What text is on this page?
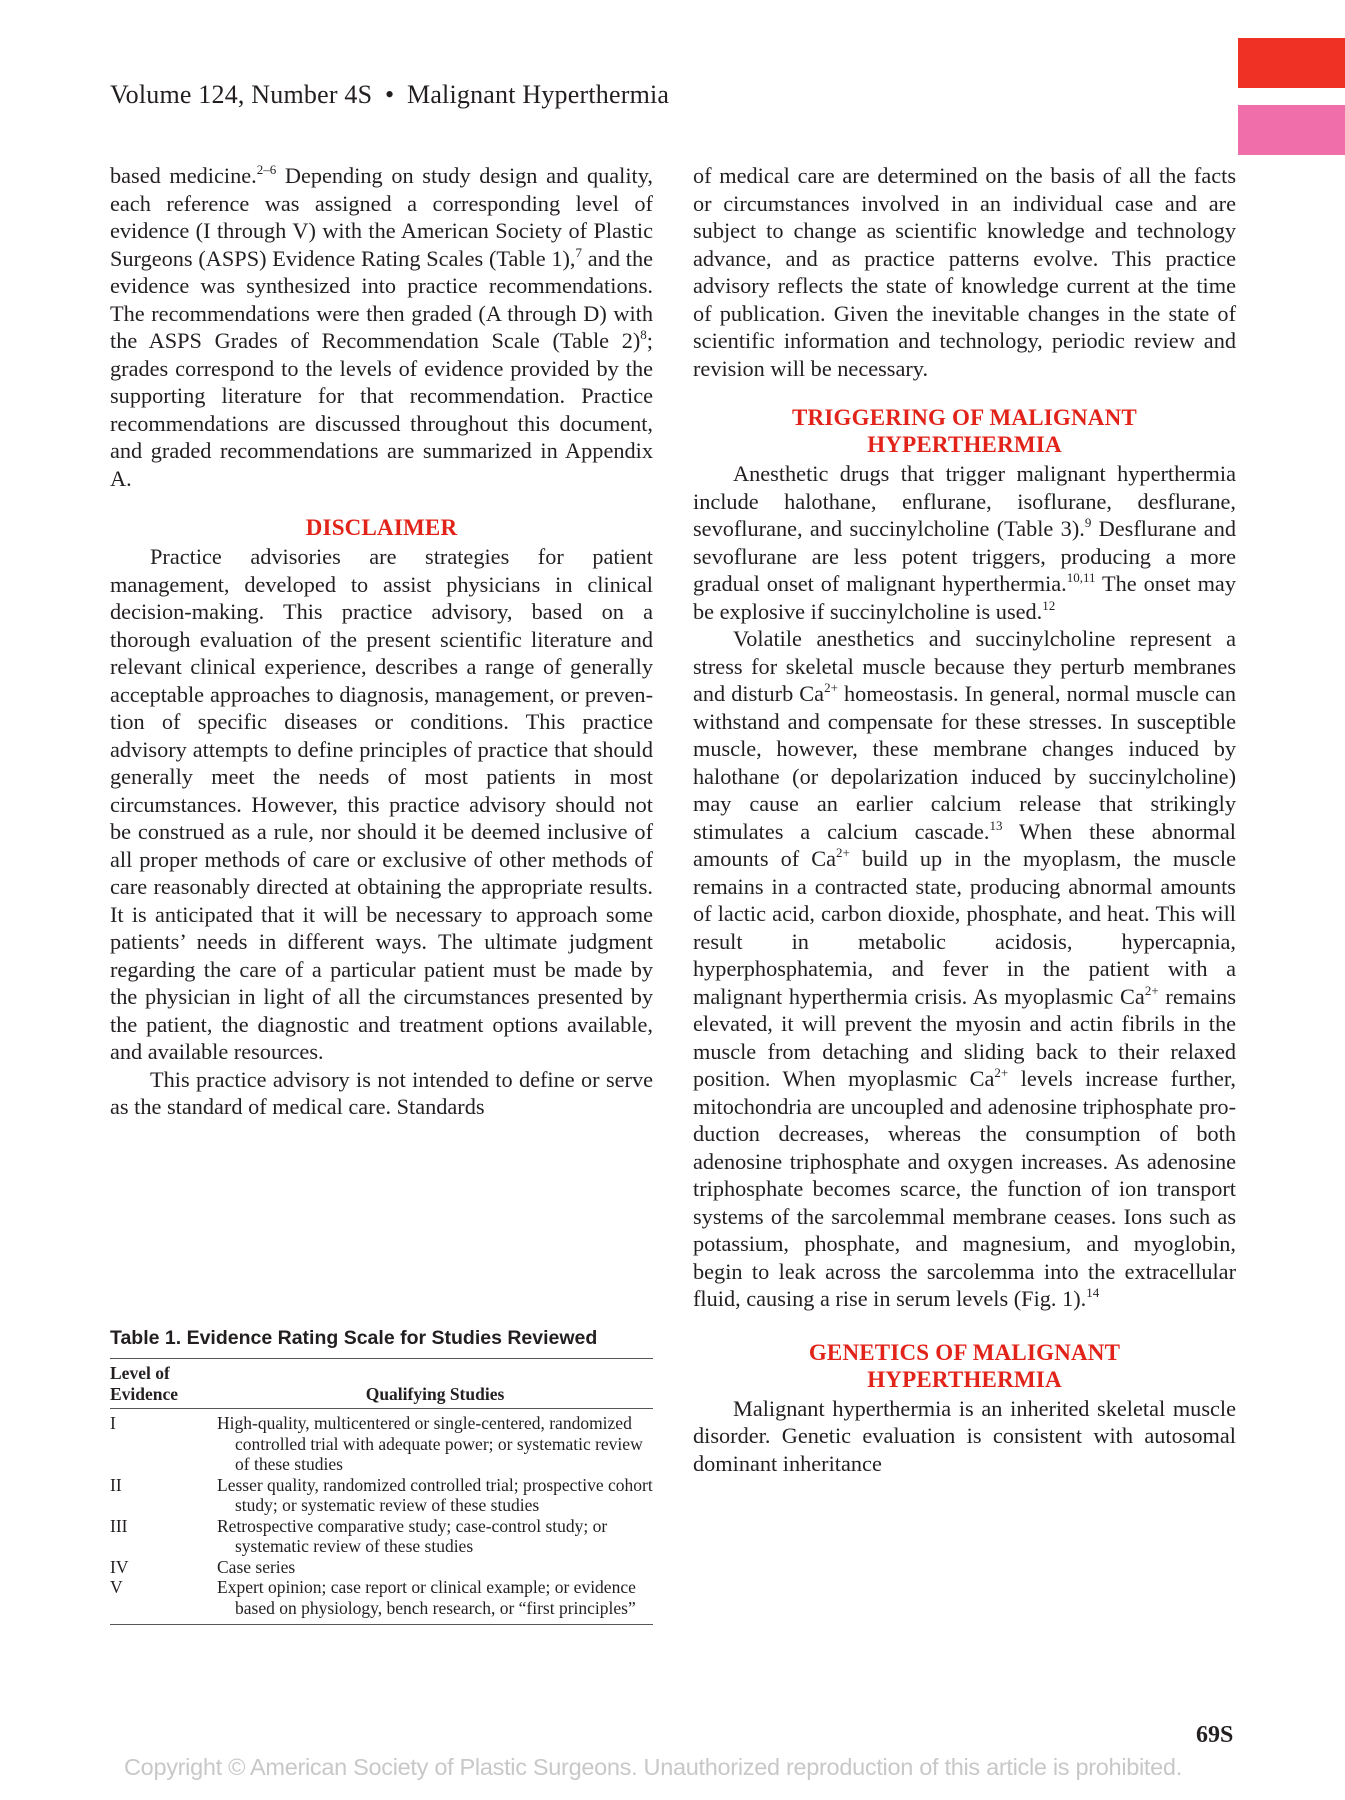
Volume 124, Number 4S • Malignant Hyperthermia

based medicine.$^{2-6}$ Depending on study design and quality, each reference was assigned a corresponding level of evidence (I through V) with the American Society of Plastic Surgeons (ASPS) Evidence Rating Scales (Table 1),$^7$ and the evidence was synthesized into practice recommendations. The recommendations were then graded (A through D) with the ASPS Grades of Recommendation Scale (Table 2)$^8$; grades correspond to the levels of evidence provided by the supporting literature for that recommendation. Practice recommendations are discussed throughout this document, and graded recommendations are summarized in Appendix A.

DISCLAIMER

Practice advisories are strategies for patient management, developed to assist physicians in clinical decision-making. This practice advisory, based on a thorough evaluation of the present scientific literature and relevant clinical experience, describes a range of generally acceptable approaches to diagnosis, management, or prevention of specific diseases or conditions. This practice advisory attempts to define principles of practice that should generally meet the needs of most patients in most circumstances. However, this practice advisory should not be construed as a rule, nor should it be deemed inclusive of all proper methods of care or exclusive of other methods of care reasonably directed at obtaining the appropriate results. It is anticipated that it will be necessary to approach some patients’ needs in different ways. The ultimate judgment regarding the care of a particular patient must be made by the physician in light of all the circumstances presented by the patient, the diagnostic and treatment options available, and available resources.

This practice advisory is not intended to define or serve as the standard of medical care. Standards

Table 1. Evidence Rating Scale for Studies Reviewed
Level of
Evidence	Qualifying Studies
I	High-quality, multicentered or single-centered, randomized controlled trial with adequate power; or systematic review of these studies
II	Lesser quality, randomized controlled trial; prospective cohort study; or systematic review of these studies
III	Retrospective comparative study; case-control study; or systematic review of these studies
IV	Case series
V	Expert opinion; case report or clinical example; or evidence based on physiology, bench research, or “first principles”

of medical care are determined on the basis of all the facts or circumstances involved in an individual case and are subject to change as scientific knowledge and technology advance, and as practice patterns evolve. This practice advisory reflects the state of knowledge current at the time of publication. Given the inevitable changes in the state of scientific information and technology, periodic review and revision will be necessary.

TRIGGERING OF MALIGNANT
HYPERTHERMIA

Anesthetic drugs that trigger malignant hyperthermia include halothane, enflurane, isoflurane, desflurane, sevoflurane, and succinylcholine (Table 3).$^9$ Desflurane and sevoflurane are less potent triggers, producing a more gradual onset of malignant hyperthermia.$^{10,11}$ The onset may be explosive if succinylcholine is used.$^{12}$

Volatile anesthetics and succinylcholine represent a stress for skeletal muscle because they perturb membranes and disturb $Ca^{2+}$ homeostasis. In general, normal muscle can withstand and compensate for these stresses. In susceptible muscle, however, these membrane changes induced by halothane (or depolarization induced by succinylcholine) may cause an earlier calcium release that strikingly stimulates a calcium cascade.$^{13}$ When these abnormal amounts of $Ca^{2+}$ build up in the myoplasm, the muscle remains in a contracted state, producing abnormal amounts of lactic acid, carbon dioxide, phosphate, and heat. This will result in metabolic acidosis, hypercapnia, hyperphosphatemia, and fever in the patient with a malignant hyperthermia crisis. As myoplasmic $Ca^{2+}$ remains elevated, it will prevent the myosin and actin fibrils in the muscle from detaching and sliding back to their relaxed position. When myoplasmic $Ca^{2+}$ levels increase further, mitochondria are uncoupled and adenosine triphosphate production decreases, whereas the consumption of both adenosine triphosphate and oxygen increases. As adenosine triphosphate becomes scarce, the function of ion transport systems of the sarcolemmal membrane ceases. Ions such as potassium, phosphate, and magnesium, and myoglobin, begin to leak across the sarcolemma into the extracellular fluid, causing a rise in serum levels (Fig. 1).$^{14}$

GENETICS OF MALIGNANT
HYPERTHERMIA

Malignant hyperthermia is an inherited skeletal muscle disorder. Genetic evaluation is consistent with autosomal dominant inheritance

69S
Copyright © American Society of Plastic Surgeons. Unauthorized reproduction of this article is prohibited.
